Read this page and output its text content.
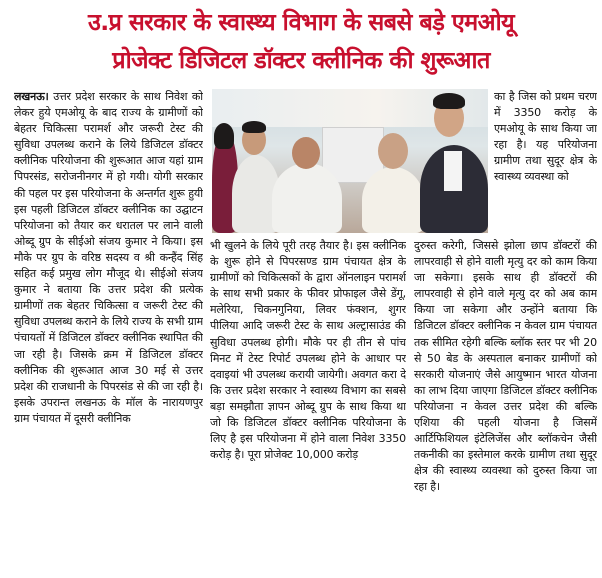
उ.प्र सरकार के स्वास्थ्य विभाग के सबसे बड़े एमओयू
प्रोजेक्ट डिजिटल डॉक्टर क्लीनिक की शुरूआत

लखनऊ। उत्तर प्रदेश सरकार के साथ निवेश को लेकर हुये एमओयू के बाद राज्य के ग्रामीणों को बेहतर चिकित्सा परामर्श और जरूरी टेस्ट की सुविधा उपलब्ध कराने के लिये डिजिटल डॉक्टर क्लीनिक परियोजना की शुरूआत आज यहां ग्राम पिपरसंड, सरोजनीनगर में हो गयी। योगी सरकार की पहल पर इस परियोजना के अन्तर्गत शुरू हुयी इस पहली डिजिटल डॉक्टर क्लीनिक का उद्घाटन परियोजना को तैयार कर धरातल पर लाने वाली ओब्दू ग्रुप के सीईओ संजय कुमार ने किया। इस मौके पर ग्रुप के वरिष्ठ सदस्य व श्री कन्हैंद सिंह सहित कई प्रमुख लोग मौजूद थे। सीईओ संजय कुमार ने बताया कि उत्तर प्रदेश की प्रत्येक ग्रामीणों तक बेहतर चिकित्सा व जरूरी टेस्ट की सुविधा उपलब्ध कराने के लिये राज्य के सभी ग्राम पंचायतों में डिजिटल डॉक्टर क्लीनिक स्थापित की जा रही है। जिसके क्रम में डिजिटल डॉक्टर क्लीनिक की शुरूआत आज 30 मई से उत्तर प्रदेश की राजधानी के पिपरसंड से की जा रही है। इसके उपरान्त लखनऊ के मॉल के नारायणपुर ग्राम पंचायत में दूसरी क्लीनिक

का है जिस को प्रथम चरण में 3350 करोड़ के एमओयू के साथ किया जा रहा है। यह परियोजना ग्रामीण तथा सुदूर क्षेत्र के स्वास्थ्य व्यवस्था को

भी खुलने के लिये पूरी तरह तैयार है। इस क्लीनिक के शुरू होने से पिपरसण्ड ग्राम पंचायत क्षेत्र के ग्रामीणों को चिकित्सकों के द्वारा ऑनलाइन परामर्श के साथ सभी प्रकार के फीवर प्रोफाइल जैसे डेंगू, मलेरिया, चिकनगुनिया, लिवर फंक्शन, शुगर पीलिया आदि जरूरी टेस्ट के साथ अल्ट्रासाउंड की सुविधा उपलब्ध होगी। मौके पर ही तीन से पांच मिनट में टेस्ट रिपोर्ट उपलब्ध होने के आधार पर दवाइयां भी उपलब्ध करायी जायेगी। अवगत करा दे कि उत्तर प्रदेश सरकार ने स्वास्थ्य विभाग का सबसे बड़ा समझौता ज्ञापन ओब्दू ग्रुप के साथ किया था जो कि डिजिटल डॉक्टर क्लीनिक परियोजना के लिए है इस परियोजना में होने वाला निवेश 3350 करोड़ है। पूरा प्रोजेक्ट 10,000 करोड़

दुरुस्त करेगी, जिससे झोला छाप डॉक्टरों की लापरवाही से होने वाली मृत्यु दर को काम किया जा सकेगा। इसके साथ ही डॉक्टरों की लापरवाही से होने वाले मृत्यु दर को अब काम किया जा सकेगा और उन्होंने बताया कि डिजिटल डॉक्टर क्लीनिक न केवल ग्राम पंचायत तक सीमित रहेगी बल्कि ब्लॉक स्तर पर भी 20 से 50 बेड के अस्पताल बनाकर ग्रामीणों को सरकारी योजनाएं जैसे आयुष्मान भारत योजना का लाभ दिया जाएगा डिजिटल डॉक्टर क्लीनिक परियोजना न केवल उत्तर प्रदेश की बल्कि एशिया की पहली योजना है जिसमें आर्टिफिशियल इंटेलिजेंस और ब्लॉकचेन जैसी तकनीकी का इस्तेमाल करके ग्रामीण तथा सुदूर क्षेत्र की स्वास्थ्य व्यवस्था को दुरुस्त किया जा रहा है।
